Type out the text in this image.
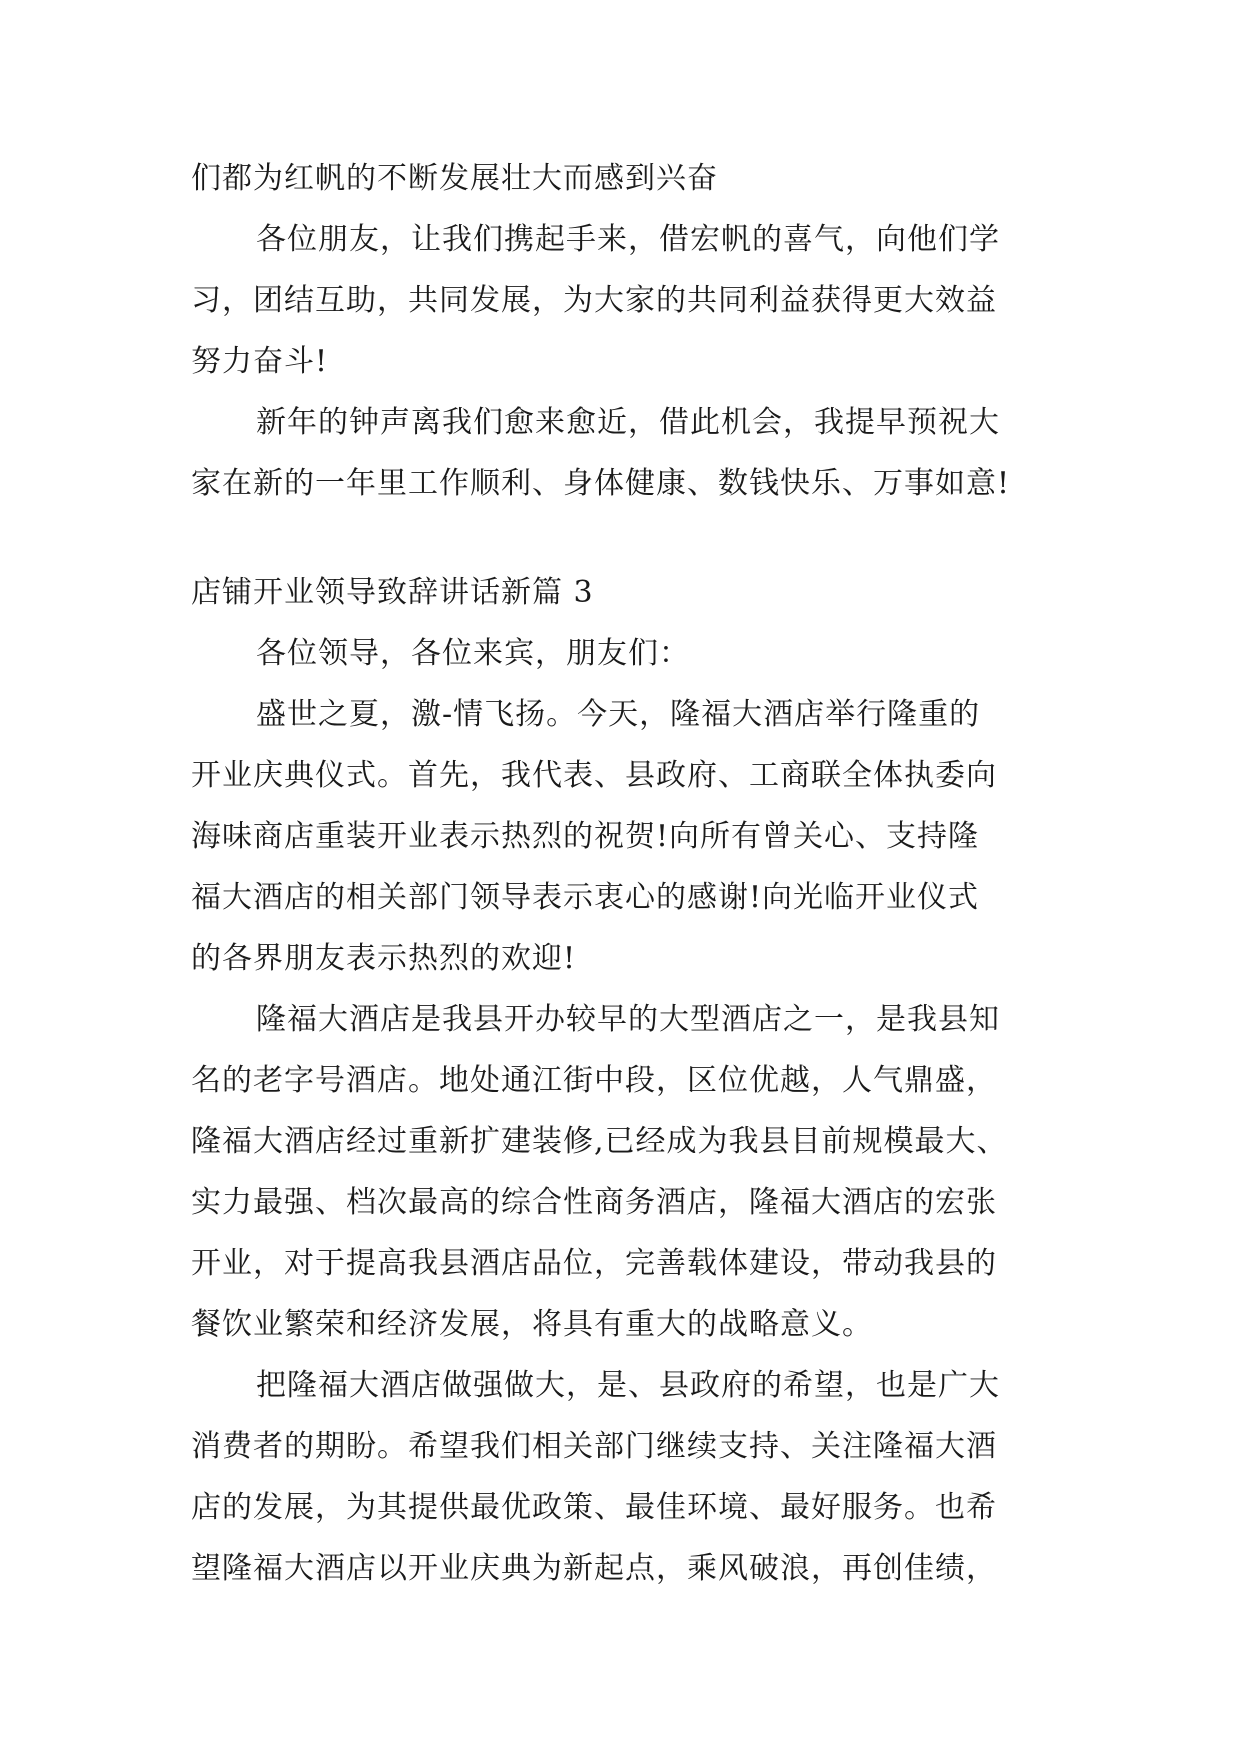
们都为红帆的不断发展壮大而感到兴奋
各位朋友，让我们携起手来，借宏帆的喜气，向他们学
习，团结互助，共同发展，为大家的共同利益获得更大效益
努力奋斗!
新年的钟声离我们愈来愈近，借此机会，我提早预祝大
家在新的一年里工作顺利、身体健康、数钱快乐、万事如意!
店铺开业领导致辞讲话新篇 3
各位领导，各位来宾，朋友们：
盛世之夏，激-情飞扬。今天，隆福大酒店举行隆重的
开业庆典仪式。首先，我代表、县政府、工商联全体执委向
海味商店重装开业表示热烈的祝贺!向所有曾关心、支持隆
福大酒店的相关部门领导表示衷心的感谢!向光临开业仪式
的各界朋友表示热烈的欢迎!
隆福大酒店是我县开办较早的大型酒店之一，是我县知
名的老字号酒店。地处通江街中段，区位优越，人气鼎盛，
隆福大酒店经过重新扩建装修,已经成为我县目前规模最大、
实力最强、档次最高的综合性商务酒店，隆福大酒店的宏张
开业，对于提高我县酒店品位，完善载体建设，带动我县的
餐饮业繁荣和经济发展，将具有重大的战略意义。
把隆福大酒店做强做大，是、县政府的希望，也是广大
消费者的期盼。希望我们相关部门继续支持、关注隆福大酒
店的发展，为其提供最优政策、最佳环境、最好服务。也希
望隆福大酒店以开业庆典为新起点，乘风破浪，再创佳绩，
